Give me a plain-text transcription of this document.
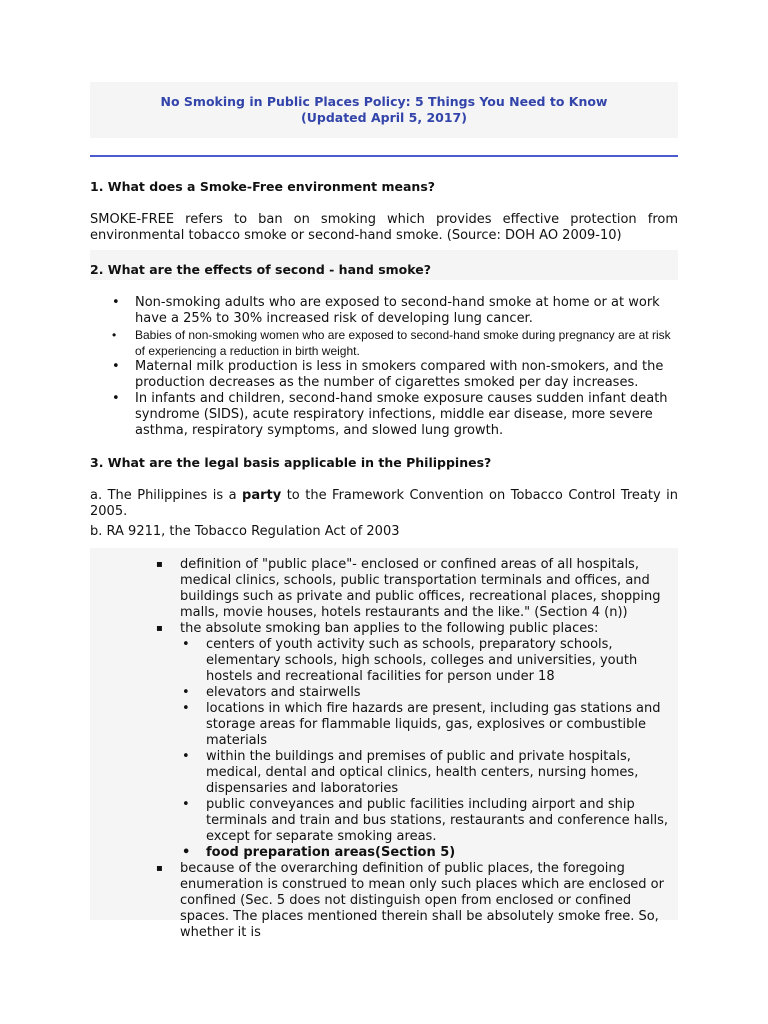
No Smoking in Public Places Policy: 5 Things You Need to Know
(Updated April 5, 2017)
1. What does a Smoke-Free environment means?
SMOKE-FREE refers to ban on smoking which provides effective protection from environmental tobacco smoke or second-hand smoke. (Source: DOH AO 2009-10)
2. What are the effects of second - hand smoke?
• Non-smoking adults who are exposed to second-hand smoke at home or at work have a 25% to 30% increased risk of developing lung cancer.
• Babies of non-smoking women who are exposed to second-hand smoke during pregnancy are at risk of experiencing a reduction in birth weight.
• Maternal milk production is less in smokers compared with non-smokers, and the production decreases as the number of cigarettes smoked per day increases.
• In infants and children, second-hand smoke exposure causes sudden infant death syndrome (SIDS), acute respiratory infections, middle ear disease, more severe asthma, respiratory symptoms, and slowed lung growth.
3. What are the legal basis applicable in the Philippines?
a. The Philippines is a party to the Framework Convention on Tobacco Control Treaty in 2005.
b. RA 9211, the Tobacco Regulation Act of 2003
▪ definition of "public place"- enclosed or confined areas of all hospitals, medical clinics, schools, public transportation terminals and offices, and buildings such as private and public offices, recreational places, shopping malls, movie houses, hotels restaurants and the like." (Section 4 (n))
▪ the absolute smoking ban applies to the following public places:
• centers of youth activity such as schools, preparatory schools, elementary schools, high schools, colleges and universities, youth hostels and recreational facilities for person under 18
• elevators and stairwells
• locations in which fire hazards are present, including gas stations and storage areas for flammable liquids, gas, explosives or combustible materials
• within the buildings and premises of public and private hospitals, medical, dental and optical clinics, health centers, nursing homes, dispensaries and laboratories
• public conveyances and public facilities including airport and ship terminals and train and bus stations, restaurants and conference halls, except for separate smoking areas.
• food preparation areas(Section 5)
▪ because of the overarching definition of public places, the foregoing enumeration is construed to mean only such places which are enclosed or confined (Sec. 5 does not distinguish open from enclosed or confined spaces. The places mentioned therein shall be absolutely smoke free. So, whether it is
